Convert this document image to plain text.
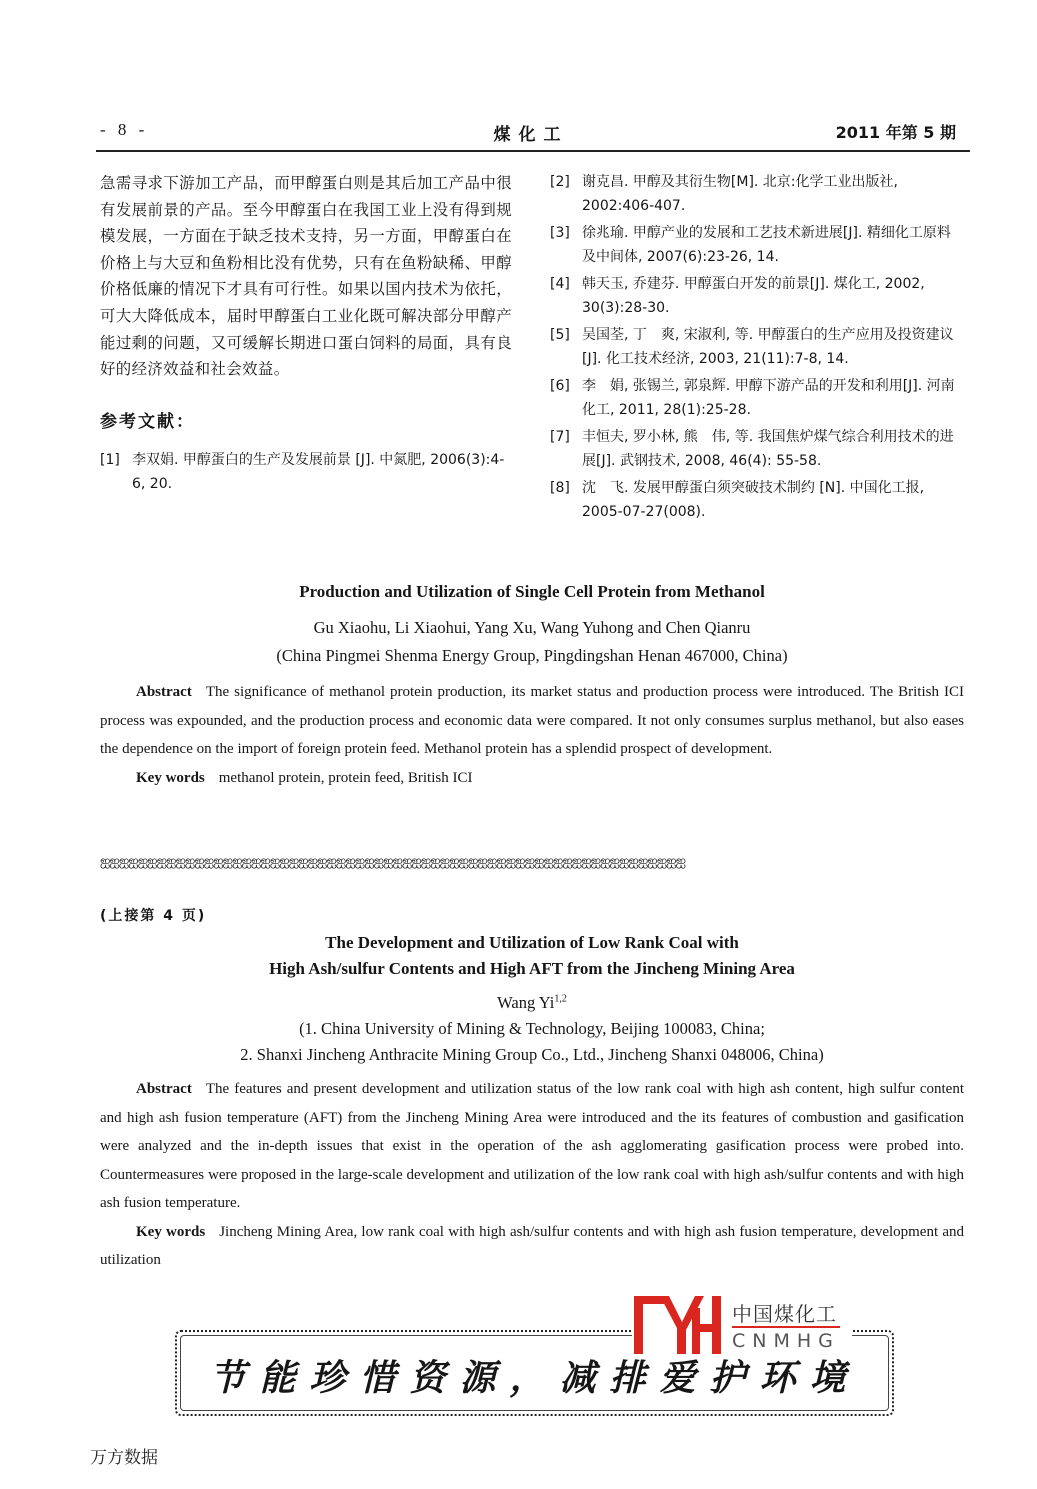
- 8 -	煤化工	2011 年第 5 期

急需寻求下游加工产品，而甲醇蛋白则是其后加工产品中很有发展前景的产品。至今甲醇蛋白在我国工业上没有得到规模发展，一方面在于缺乏技术支持，另一方面，甲醇蛋白在价格上与大豆和鱼粉相比没有优势，只有在鱼粉缺稀、甲醇价格低廉的情况下才具有可行性。如果以国内技术为依托，可大大降低成本，届时甲醇蛋白工业化既可解决部分甲醇产能过剩的问题，又可缓解长期进口蛋白饲料的局面，具有良好的经济效益和社会效益。

参考文献：

[1] 李双娟. 甲醇蛋白的生产及发展前景 [J]. 中氮肥, 2006(3):4-6, 20.

[2] 谢克昌. 甲醇及其衍生物[M]. 北京:化学工业出版社, 2002:406-407.

[3] 徐兆瑜. 甲醇产业的发展和工艺技术新进展[J]. 精细化工原料及中间体, 2007(6):23-26, 14.

[4] 韩天玉, 乔建芬. 甲醇蛋白开发的前景[J]. 煤化工, 2002, 30(3):28-30.

[5] 吴国荃, 丁　爽, 宋淑利, 等. 甲醇蛋白的生产应用及投资建议[J]. 化工技术经济, 2003, 21(11):7-8, 14.

[6] 李　娟, 张锡兰, 郭泉辉. 甲醇下游产品的开发和利用[J]. 河南化工, 2011, 28(1):25-28.

[7] 丰恒夫, 罗小林, 熊　伟, 等. 我国焦炉煤气综合利用技术的进展[J]. 武钢技术, 2008, 46(4): 55-58.

[8] 沈　飞. 发展甲醇蛋白须突破技术制约 [N]. 中国化工报, 2005-07-27(008).

Production and Utilization of Single Cell Protein from Methanol

Gu Xiaohu, Li Xiaohui, Yang Xu, Wang Yuhong and Chen Qianru

(China Pingmei Shenma Energy Group, Pingdingshan Henan 467000, China)

Abstract The significance of methanol protein production, its market status and production process were introduced. The British ICI process was expounded, and the production process and economic data were compared. It not only consumes surplus methanol, but also eases the dependence on the import of foreign protein feed. Methanol protein has a splendid prospect of development.

Key words methanol protein, protein feed, British ICI

ஐஐஐஐஐஐஐஐஐஐஐஐஐஐஐஐஐஐஐஐஐஐஐஐஐஐஐஐஐஐஐஐஐஐஐஐஐஐஐஐஐஐஐஐஐஐஐஐஐஐஐஐஐஐஐஐஐஐஐஐஐஐ
(上接第 4 页)

The Development and Utilization of Low Rank Coal with

High Ash/sulfur Contents and High AFT from the Jincheng Mining Area

Wang Yi$^{1,2}$

(1. China University of Mining & Technology, Beijing 100083, China;

2. Shanxi Jincheng Anthracite Mining Group Co., Ltd., Jincheng Shanxi 048006, China)

Abstract The features and present development and utilization status of the low rank coal with high ash content, high sulfur content and high ash fusion temperature (AFT) from the Jincheng Mining Area were introduced and the its features of combustion and gasification were analyzed and the in-depth issues that exist in the operation of the ash agglomerating gasification process were probed into. Countermeasures were proposed in the large-scale development and utilization of the low rank coal with high ash/sulfur contents and with high ash fusion temperature.

Key words Jincheng Mining Area, low rank coal with high ash/sulfur contents and with high ash fusion temperature, development and utilization

节能珍惜资源，减排爱护环境
中国煤化工
CNMHG
万方数据
